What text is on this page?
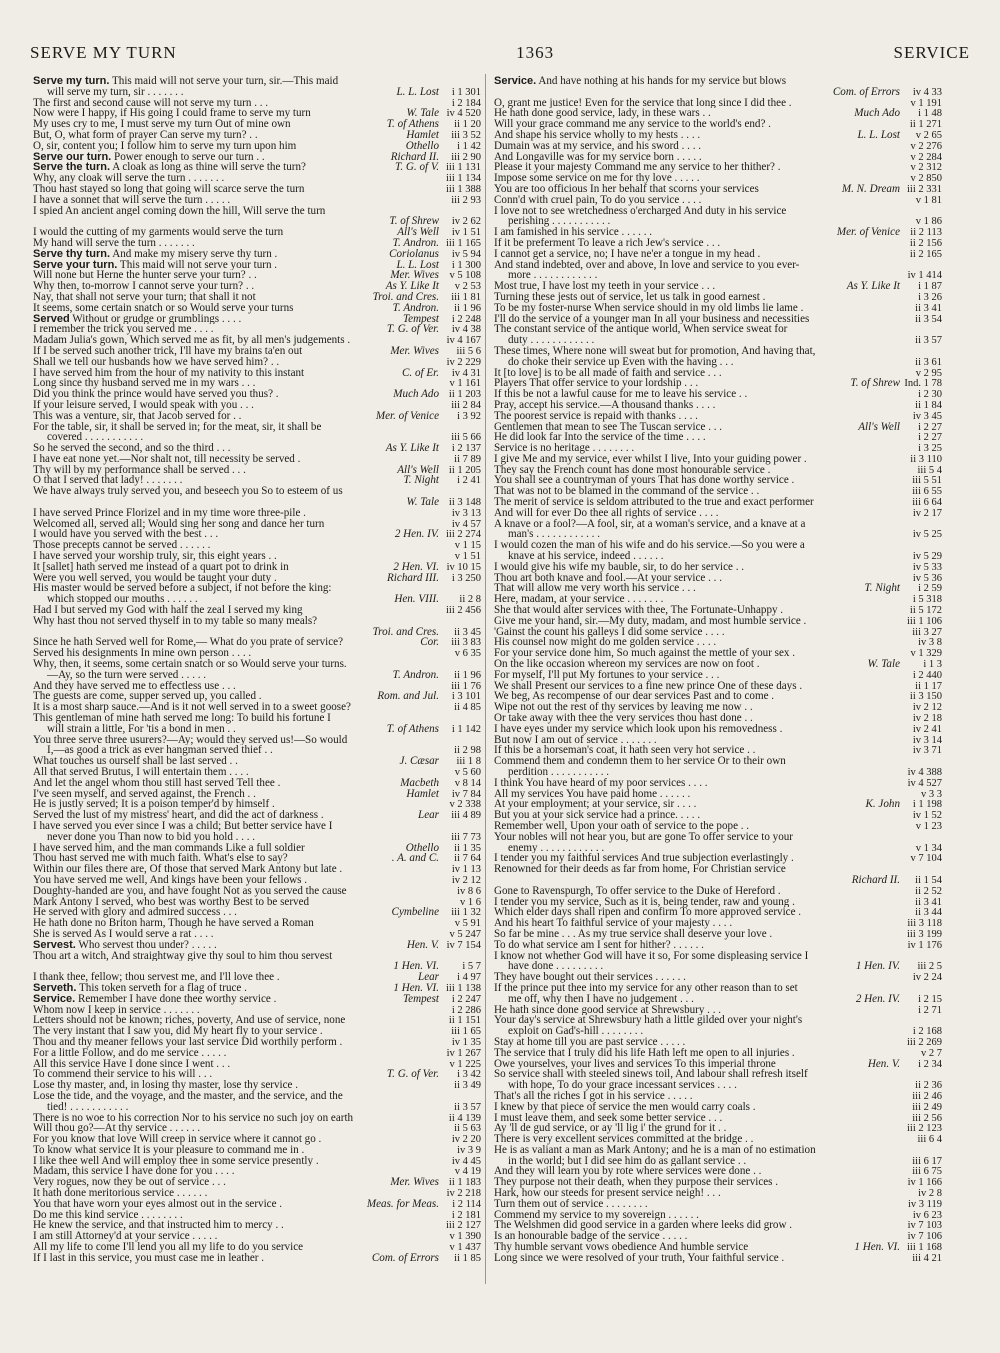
SERVE MY TURN	1363	SERVICE
Serve my turn. This maid will not serve your turn, sir.—This maid
will serve my turn, sir . . . . . . .	L. L. Lost	i 1 301
The first and second cause will not serve my turn . . .	i 2 184
Now were I happy, if His going I could frame to serve my turn	W. Tale iv 4 520
My uses cry to me, I must serve my turn Out of mine own	T. of Athens	ii 1 20
But, O, what form of prayer Can serve my turn? . .	Hamlet	iii 3 52
O, sir, content you; I follow him to serve my turn upon him	Othello	i 1 42
Serve our turn. Power enough to serve our turn . .	Richard II.	iii 2 90
Serve the turn. A cloak as long as thine will serve the turn?	T. G. of V. iii 1 131
Why, any cloak will serve the turn . . . . . . .	iii 1 134
Thou hast stayed so long that going will scarce serve the turn	iii 1 388
I have a sonnet that will serve the turn . . . . .	iii 2 93
I spied An ancient angel coming down the hill, Will serve the turn
T. of Shrew	iv 2 62
I would the cutting of my garments would serve the turn	All's Well	iv 1 51
My hand will serve the turn . . . . . . .	T. Andron. iii 1 165
Serve thy turn. And make my misery serve thy turn .	Coriolanus	iv 5 94
Serve your turn. This maid will not serve your turn .	L. L. Lost	i 1 300
Will none but Herne the hunter serve your turn? . .	Mer. Wives	v 5 108
Why then, to-morrow I cannot serve your turn? . .	As Y. Like It	v 2 53
Nay, that shall not serve your turn; that shall it not	Troi. and Cres.	iii 1 81
It seems, some certain snatch or so Would serve your turns	T. Andron.	ii 1 96
Served Without or grudge or grumblings . . . .	Tempest	i 2 248
I remember the trick you served me . . . .	T. G. of Ver.	iv 4 38
Madam Julia's gown, Which served me as fit, by all men's judgements .	iv 4 167
If I be served such another trick, I'll have my brains ta'en out	Mer. Wives	iii 5 6
Shall we tell our husbands how we have served him? . .	iv 2 229
I have served him from the hour of my nativity to this instant	C. of Er.	iv 4 31
Long since thy husband served me in my wars . . .	v 1 161
Did you think the prince would have served you thus? .	Much Ado ii 1 203
If your leisure served, I would speak with you . . .	iii 2 84
This was a venture, sir, that Jacob served for . .	Mer. of Venice	i 3 92
For the table, sir, it shall be served in; for the meat, sir, it shall be
covered . . . . . . . . . . .	iii 5 66
So he served the second, and so the third . . .	As Y. Like It	i 2 137
I have eat none yet.—Nor shalt not, till necessity be served .	ii 7 89
Thy will by my performance shall be served . . .	All's Well ii 1 205
O that I served that lady! . . . . . . .	T. Night	i 2 41
We have always truly served you, and beseech you So to esteem of us
W. Tale ii 3 148
I have served Prince Florizel and in my time wore three-pile .	iv 3 13
Welcomed all, served all; Would sing her song and dance her turn	iv 4 57
I would have you served with the best . . .	2 Hen. IV. iii 2 274
Those precepts cannot be served . . . . . .	v 1 15
I have served your worship truly, sir, this eight years . .	v 1 51
It [sallet] hath served me instead of a quart pot to drink in	2 Hen. VI. iv 10 15
Were you well served, you would be taught your duty .	Richard III.	i 3 250
His master would be served before a subject, if not before the king:
which stopped our mouths . . . . . .	Hen. VIII.	ii 2 8
Had I but served my God with half the zeal I served my king	iii 2 456
Why hast thou not served thyself in to my table so many meals?
Troi. and Cres.	ii 3 45
Since he hath Served well for Rome,— What do you prate of service?	Cor.	iii 3 83
Served his designments In mine own person . . . .	v 6 35
Why, then, it seems, some certain snatch or so Would serve your turns.
—Ay, so the turn were served . . . . .	T. Andron.	ii 1 96
And they have served me to effectless use . . .	iii 1 76
The guests are come, supper served up, you called .	Rom. and Jul.	i 3 101
It is a most sharp sauce.—And is it not well served in to a sweet goose?	ii 4 85
This gentleman of mine hath served me long: To build his fortune I
will strain a little, For 'tis a bond in men . .	T. of Athens	i 1 142
You three serve three usurers?—Ay; would they served us!—So would
I,—as good a trick as ever hangman served thief . .	ii 2 98
What touches us ourself shall be last served . .	J. Cæsar	iii 1 8
All that served Brutus, I will entertain them . . . .	v 5 60
And let the angel whom thou still hast served Tell thee .	Macbeth	v 8 14
I've seen myself, and served against, the French . .	Hamlet	iv 7 84
He is justly served; It is a poison temper'd by himself .	v 2 338
Served the lust of my mistress' heart, and did the act of darkness .	Lear	iii 4 89
I have served you ever since I was a child; But better service have I
never done you Than now to bid you hold . . . .	iii 7 73
I have served him, and the man commands Like a full soldier	Othello	ii 1 35
Thou hast served me with much faith. What's else to say?	. A. and C.	ii 7 64
Within our files there are, Of those that served Mark Antony but late .	iv 1 13
You have served me well, And kings have been your fellows .	iv 2 12
Doughty-handed are you, and have fought Not as you served the cause	iv 8 6
Mark Antony I served, who best was worthy Best to be served	v 1 6
He served with glory and admired success . . .	Cymbeline	iii 1 32
He hath done no Briton harm, Though he have served a Roman	v 5 91
She is served As I would serve a rat . . . .	v 5 247
Servest. Who servest thou under? . . . . .	Hen. V. iv 7 154
Thou art a witch, And straightway give thy soul to him thou servest
1 Hen. VI.	i 5 7
I thank thee, fellow; thou servest me, and I'll love thee .	Lear	i 4 97
Serveth. This token serveth for a flag of truce .	1 Hen. VI. iii 1 138
Service. Remember I have done thee worthy service .	Tempest	i 2 247
Whom now I keep in service . . . . . . .	i 2 286
Letters should not be known; riches, poverty, And use of service, none	ii 1 151
The very instant that I saw you, did My heart fly to your service .	iii 1 65
Thou and thy meaner fellows your last service Did worthily perform .	iv 1 35
For a little Follow, and do me service . . . . .	iv 1 267
All this service Have I done since I went . . .	v 1 225
To commend their service to his will . . .	T. G. of Ver.	i 3 42
Lose thy master, and, in losing thy master, lose thy service .	ii 3 49
Lose the tide, and the voyage, and the master, and the service, and the
tied! . . . . . . . . . . .	ii 3 57
There is no woe to his correction Nor to his service no such joy on earth	ii 4 139
Will thou go?—At thy service . . . . . .	ii 5 63
For you know that love Will creep in service where it cannot go .	iv 2 20
To know what service It is your pleasure to command me in .	iv 3 9
I like thee well And will employ thee in some service presently .	iv 4 45
Madam, this service I have done for you . . . .	v 4 19
Very rogues, now they be out of service . . .	Mer. Wives ii 1 183
It hath done meritorious service . . . . . .	iv 2 218
You that have worn your eyes almost out in the service .	Meas. for Meas.	i 2 114
Do me this kind service . . . . . . . .	i 2 181
He knew the service, and that instructed him to mercy . .	iii 2 127
I am still Attorney'd at your service . . . . .	v 1 390
All my life to come I'll lend you all my life to do you service	v 1 437
If I last in this service, you must case me in leather .	Com. of Errors	ii 1 85
Service. And have nothing at his hands for my service but blows
Com. of Errors	iv 4 33
O, grant me justice! Even for the service that long since I did thee .	v 1 191
He hath done good service, lady, in these wars . .	Much Ado	i 1 48
Will your grace command me any service to the world's end? .	ii 1 271
And shape his service wholly to my hests . . . .	L. L. Lost	v 2 65
Dumain was at my service, and his sword . . . .	v 2 276
And Longaville was for my service born . . . . .	v 2 284
Please it your majesty Command me any service to her thither? .	v 2 312
Impose some service on me for thy love . . . . .	v 2 850
You are too officious In her behalf that scorns your services	M. N. Dream iii 2 331
Conn'd with cruel pain, To do you service . . . .	v 1 81
I love not to see wretchedness o'ercharged And duty in his service
perishing . . . . . . . . . . .	v 1 86
I am famished in his service . . . . . .	Mer. of Venice ii 2 113
If it be preferment To leave a rich Jew's service . . .	ii 2 156
I cannot get a service, no; I have ne'er a tongue in my head .	ii 2 165
And stand indebted, over and above, In love and service to you ever-
more . . . . . . . . . . . .	iv 1 414
Most true, I have lost my teeth in your service . . .	As Y. Like It	i 1 87
Turning these jests out of service, let us talk in good earnest .	i 3 26
To be my foster-nurse When service should in my old limbs lie lame .	ii 3 41
I'll do the service of a younger man In all your business and necessities	ii 3 54
The constant service of the antique world, When service sweat for
duty . . . . . . . . . . . .	ii 3 57
These times, Where none will sweat but for promotion, And having that,
do choke their service up Even with the having . . .	ii 3 61
It [to love] is to be all made of faith and service . . .	v 2 95
Players That offer service to your lordship . . .	T. of Shrew Ind. 1 78
If this be not a lawful cause for me to leave his service . .	i 2 30
Pray, accept his service.—A thousand thanks . . . .	ii 1 84
The poorest service is repaid with thanks . . . .	iv 3 45
Gentlemen that mean to see The Tuscan service . . .	All's Well	i 2 27
He did look far Into the service of the time . . . .	i 2 27
Service is no heritage . . . . . . . .	i 3 25
I give Me and my service, ever whilst I live, Into your guiding power .	ii 3 110
They say the French count has done most honourable service .	iii 5 4
You shall see a countryman of yours That has done worthy service .	iii 5 51
That was not to be blamed in the command of the service . .	iii 6 55
The merit of service is seldom attributed to the true and exact performer	iii 6 64
And will for ever Do thee all rights of service . . . .	iv 2 17
A knave or a fool?—A fool, sir, at a woman's service, and a knave at a
man's . . . . . . . . . . . .	iv 5 25
I would cozen the man of his wife and do his service.—So you were a
knave at his service, indeed . . . . . .	iv 5 29
I would give his wife my bauble, sir, to do her service . .	iv 5 33
Thou art both knave and fool.—At your service . . .	iv 5 36
That will allow me very worth his service . . .	T. Night	i 2 59
Here, madam, at your service . . . . . . .	i 5 318
She that would alter services with thee, The Fortunate-Unhappy .	ii 5 172
Give me your hand, sir.—My duty, madam, and most humble service .	iii 1 106
'Gainst the count his galleys I did some service . . . .	iii 3 27
His counsel now might do me golden service . . . .	iv 3 8
For your service done him, So much against the mettle of your sex .	v 1 329
On the like occasion whereon my services are now on foot .	W. Tale	i 1 3
For myself, I'll put My fortunes to your service . . .	i 2 440
We shall Present our services to a fine new prince One of these days .	ii 1 17
We beg, As recompense of our dear services Past and to come .	ii 3 150
Wipe not out the rest of thy services by leaving me now . .	iv 2 12
Or take away with thee the very services thou hast done . .	iv 2 18
I have eyes under my service which look upon his removedness .	iv 2 41
But now I am out of service . . . . . . .	iv 3 14
If this be a horseman's coat, it hath seen very hot service . .	iv 3 71
Commend them and condemn them to her service Or to their own
perdition . . . . . . . . . . .	iv 4 388
I think You have heard of my poor services . . . .	iv 4 527
All my services You have paid home . . . . . .	v 3 3
At your employment; at your service, sir . . . .	K. John	i 1 198
But you at your sick service had a prince. . . . .	iv 1 52
Remember well, Upon your oath of service to the pope . .	v 1 23
Your nobles will not hear you, but are gone To offer service to your
enemy . . . . . . . . . . . .	v 1 34
I tender you my faithful services And true subjection everlastingly .	v 7 104
Renowned for their deeds as far from home, For Christian service
Richard II.	ii 1 54
Gone to Ravenspurgh, To offer service to the Duke of Hereford .	ii 2 52
I tender you my service, Such as it is, being tender, raw and young .	ii 3 41
Which elder days shall ripen and confirm To more approved service .	ii 3 44
And his heart To faithful service of your majesty . . . .	iii 3 118
So far be mine . . . As my true service shall deserve your love .	iii 3 199
To do what service am I sent for hither? . . . . . .	iv 1 176
I know not whether God will have it so, For some displeasing service I
have done . . . . . . . . .	1 Hen. IV.	iii 2 5
They have bought out their services . . . . . .	iv 2 24
If the prince put thee into my service for any other reason than to set
me off, why then I have no judgement . . .	2 Hen. IV.	i 2 15
He hath since done good service at Shrewsbury . . .	i 2 71
Your day's service at Shrewsbury hath a little gilded over your night's
exploit on Gad's-hill . . . . . . . .	i 2 168
Stay at home till you are past service . . . . .	iii 2 269
The service that I truly did his life Hath left me open to all injuries .	v 2 7
Owe yourselves, your lives and services To this imperial throne	Hen. V.	i 2 34
So service shall with steeled sinews toil, And labour shall refresh itself
with hope, To do your grace incessant services . . . .	ii 2 36
That's all the riches I got in his service . . . . .	iii 2 46
I knew by that piece of service the men would carry coals .	iii 2 49
I must leave them, and seek some better service . . .	iii 2 56
Ay 'll de gud service, or ay 'll lig i' the grund for it . .	iii 2 123
There is very excellent services committed at the bridge . .	iii 6 4
He is as valiant a man as Mark Antony; and he is a man of no estimation
in the world; but I did see him do as gallant service . .	iii 6 17
And they will learn you by rote where services were done . .	iii 6 75
They purpose not their death, when they purpose their services .	iv 1 166
Hark, how our steeds for present service neigh! . . .	iv 2 8
Turn them out of service . . . . . . . .	iv 3 119
Commend my service to my sovereign . . . . . .	iv 6 23
The Welshmen did good service in a garden where leeks did grow .	iv 7 103
Is an honourable badge of the service . . . . .	iv 7 106
Thy humble servant vows obedience And humble service	1 Hen. VI. iii 1 168
Long since we were resolved of your truth, Your faithful service .	iii 4 21
